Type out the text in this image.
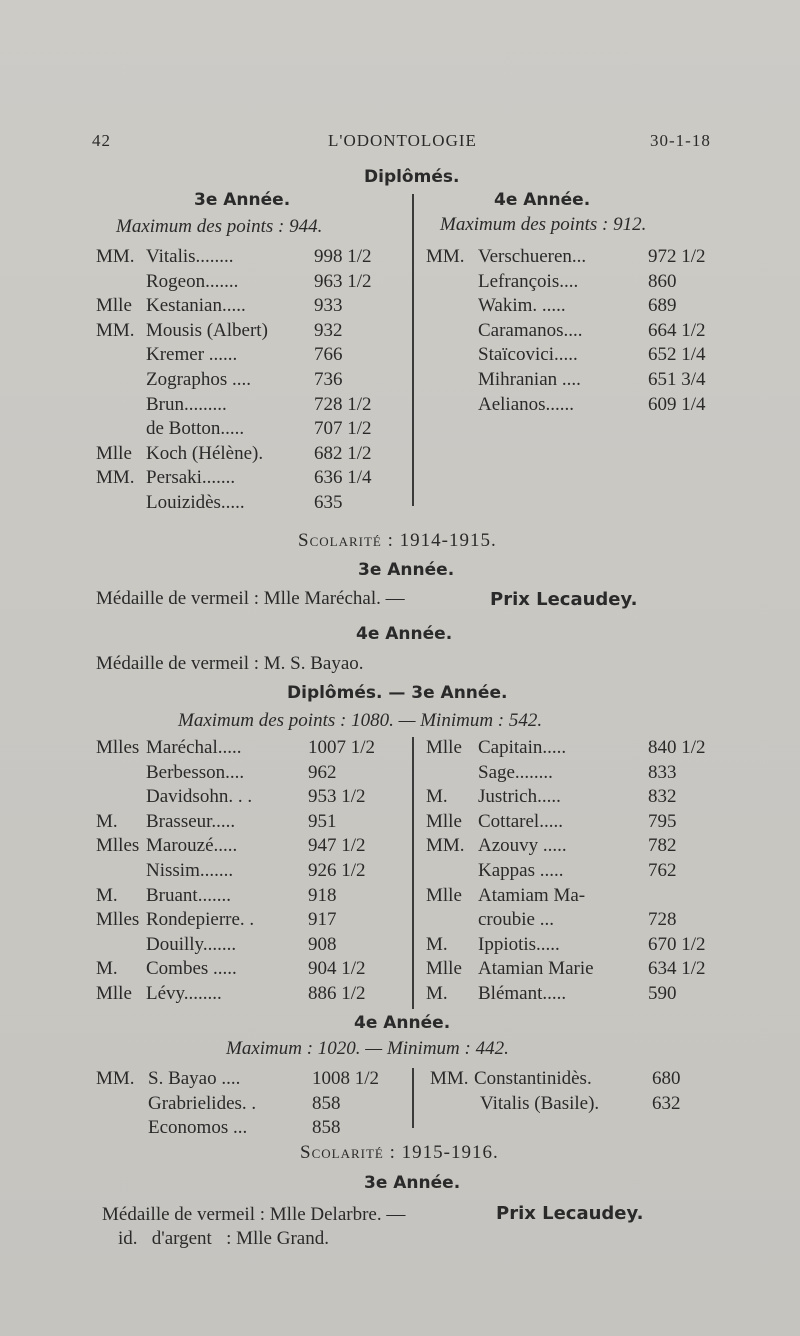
42	L'ODONTOLOGIE	30-1-18
Diplômés.
3e Année.	4e Année.
Maximum des points : 944.	Maximum des points : 912.
MM. Vitalis........	998 1/2
Rogeon.......	963 1/2
Mlle Kestanian.....	933
MM. Mousis (Albert) 932
Kremer ......	766
Zographos ....	736
Brun.........	728 1/2
de Botton.....	707 1/2
Mlle Koch (Hélène).	682 1/2
MM. Persaki.......	636 1/4
Louizidès.....	635
MM. Verschueren...	972 1/2
Lefrançois....	860
Wakim. .....	689
Caramanos....	664 1/2
Staïcovici.....	652 1/4
Mihranian ....	651 3/4
Aelianos......	609 1/4
Scolarité : 1914-1915.
3e Année.
Médaille de vermeil : Mlle Maréchal. —	Prix Lecaudey.
4e Année.
Médaille de vermeil : M. S. Bayao.
Diplômés. — 3e Année.
Maximum des points : 1080. — Minimum : 542.
Mlles Maréchal.....	1007 1/2
Berbesson....	962
Davidsohn. . .	953 1/2
M. Brasseur.....	951
Mlles Marouzé.....	947 1/2
Nissim.......	926 1/2
M. Bruant.......	918
Mlles Rondepierre. .	917
Douilly.......	908
M. Combes .....	904 1/2
Mlle Lévy........	886 1/2
Mlle Capitain.....	840 1/2
Sage........	833
M. Justrich.....	832
Mlle Cottarel.....	795
MM. Azouvy .....	782
Kappas .....	762
Mlle Atamiam Ma-
croubie ...	728
M. Ippiotis.....	670 1/2
Mlle Atamian Marie	634 1/2
M. Blémant.....	590
4e Année.
Maximum : 1020. — Minimum : 442.
MM. S. Bayao ....	1008 1/2
Grabrielides. .	858
Economos ...	858
MM. Constantinidès.	680
Vitalis (Basile).	632
Scolarité : 1915-1916.
3e Année.
Médaille de vermeil : Mlle Delarbre. —	Prix Lecaudey.
id.   d'argent   : Mlle Grand.
